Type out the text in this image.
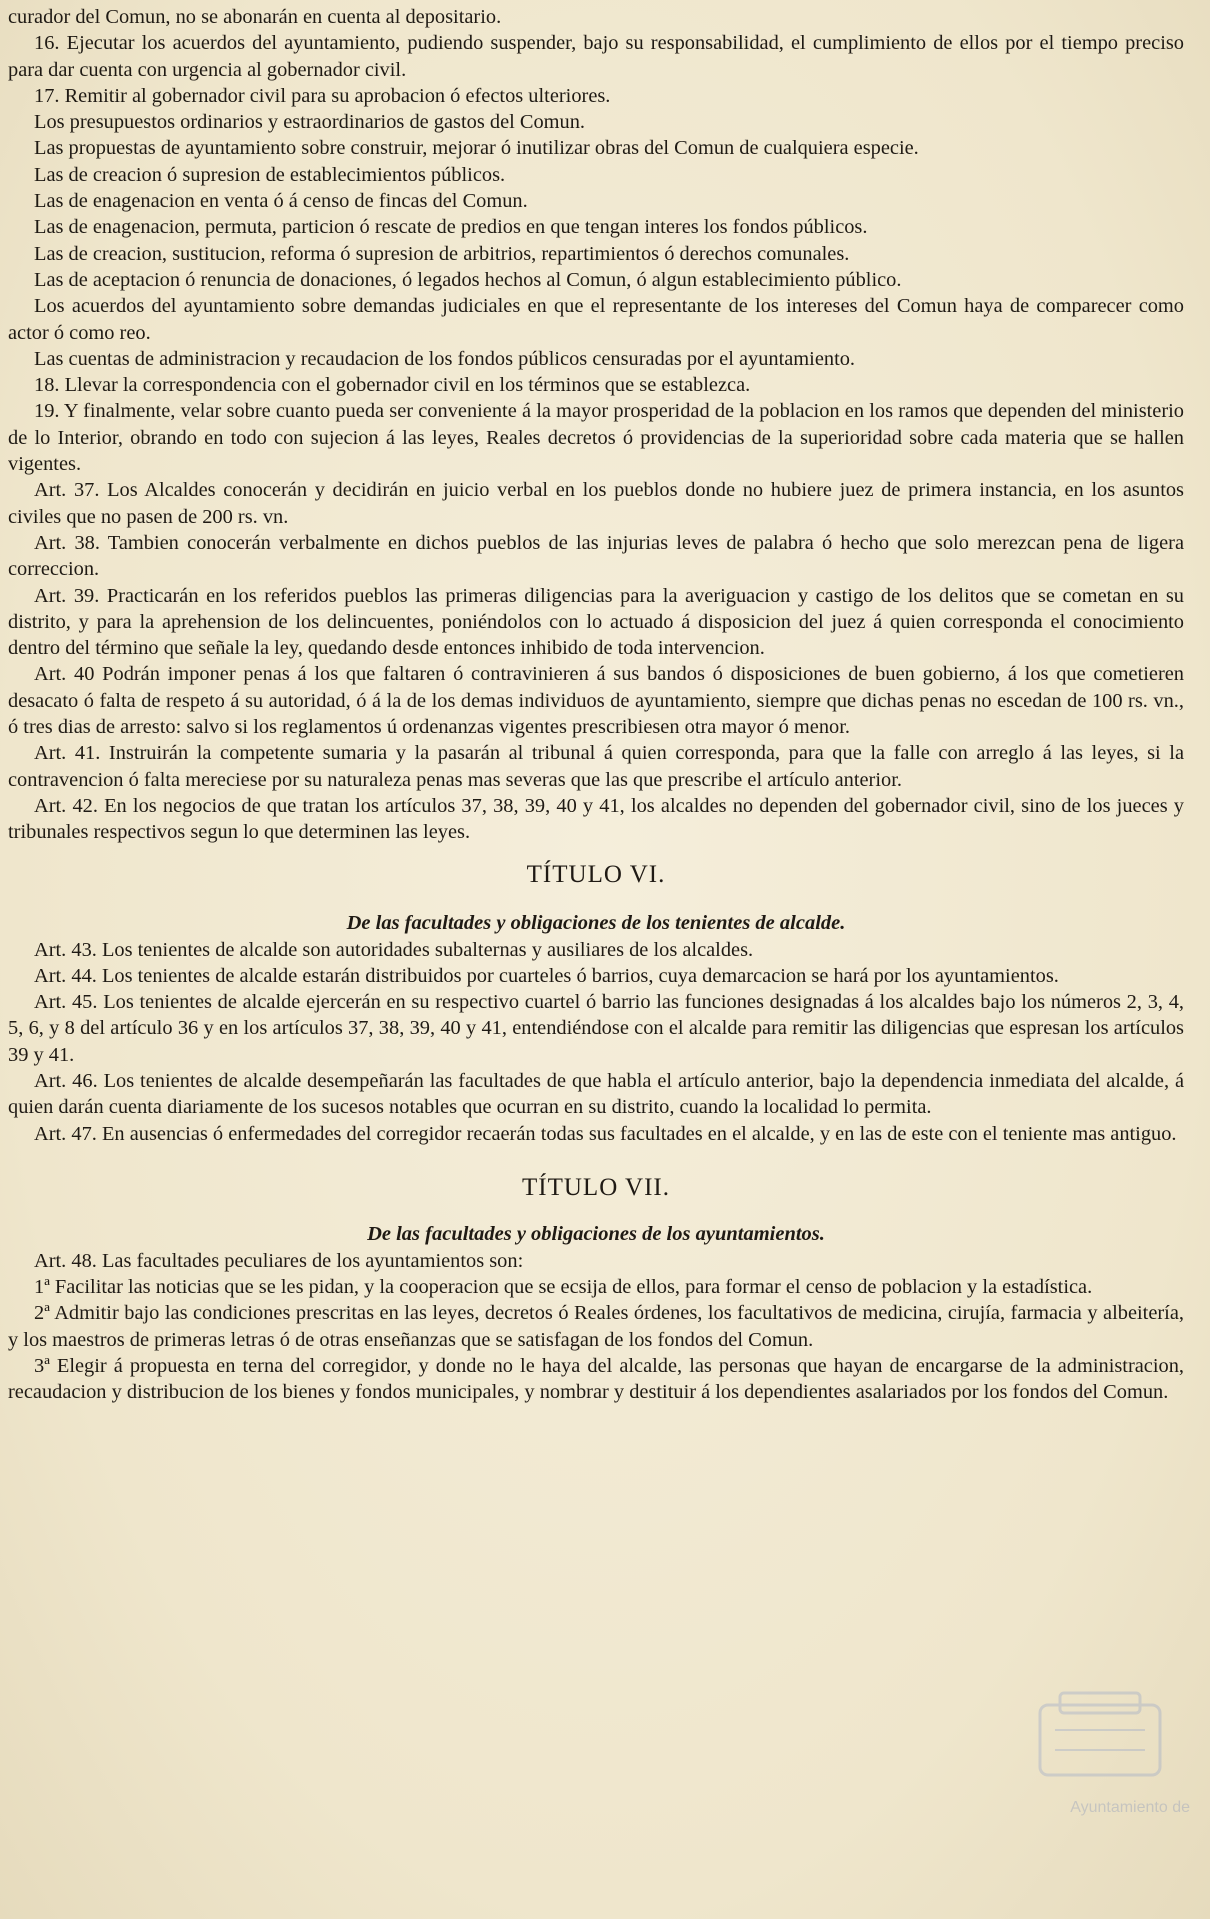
curador del Comun, no se abonarán en cuenta al depositario.

16. Ejecutar los acuerdos del ayuntamiento, pudiendo suspender, bajo su responsabilidad, el cumplimiento de ellos por el tiempo preciso para dar cuenta con urgencia al gobernador civil.

17. Remitir al gobernador civil para su aprobacion ó efectos ulteriores.

Los presupuestos ordinarios y estraordinarios de gastos del Comun.

Las propuestas de ayuntamiento sobre construir, mejorar ó inutilizar obras del Comun de cualquiera especie.

Las de creacion ó supresion de establecimientos públicos.

Las de enagenacion en venta ó á censo de fincas del Comun.

Las de enagenacion, permuta, particion ó rescate de predios en que tengan interes los fondos públicos.

Las de creacion, sustitucion, reforma ó supresion de arbitrios, repartimientos ó derechos comunales.

Las de aceptacion ó renuncia de donaciones, ó legados hechos al Comun, ó algun establecimiento público.

Los acuerdos del ayuntamiento sobre demandas judiciales en que el representante de los intereses del Comun haya de comparecer como actor ó como reo.

Las cuentas de administracion y recaudacion de los fondos públicos censuradas por el ayuntamiento.

18. Llevar la correspondencia con el gobernador civil en los términos que se establezca.

19. Y finalmente, velar sobre cuanto pueda ser conveniente á la mayor prosperidad de la poblacion en los ramos que dependen del ministerio de lo Interior, obrando en todo con sujecion á las leyes, Reales decretos ó providencias de la superioridad sobre cada materia que se hallen vigentes.

Art. 37. Los Alcaldes conocerán y decidirán en juicio verbal en los pueblos donde no hubiere juez de primera instancia, en los asuntos civiles que no pasen de 200 rs. vn.

Art. 38. Tambien conocerán verbalmente en dichos pueblos de las injurias leves de palabra ó hecho que solo merezcan pena de ligera correccion.

Art. 39. Practicarán en los referidos pueblos las primeras diligencias para la averiguacion y castigo de los delitos que se cometan en su distrito, y para la aprehension de los delincuentes, poniéndolos con lo actuado á disposicion del juez á quien corresponda el conocimiento dentro del término que señale la ley, quedando desde entonces inhibido de toda intervencion.

Art. 40 Podrán imponer penas á los que faltaren ó contravinieren á sus bandos ó disposiciones de buen gobierno, á los que cometieren desacato ó falta de respeto á su autoridad, ó á la de los demas individuos de ayuntamiento, siempre que dichas penas no escedan de 100 rs. vn., ó tres dias de arresto: salvo si los reglamentos ú ordenanzas vigentes prescribiesen otra mayor ó menor.

Art. 41. Instruirán la competente sumaria y la pasarán al tribunal á quien corresponda, para que la falle con arreglo á las leyes, si la contravencion ó falta mereciese por su naturaleza penas mas severas que las que prescribe el artículo anterior.

Art. 42. En los negocios de que tratan los artículos 37, 38, 39, 40 y 41, los alcaldes no dependen del gobernador civil, sino de los jueces y tribunales respectivos segun lo que determinen las leyes.

TÍTULO VI.
De las facultades y obligaciones de los tenientes de alcalde.

Art. 43. Los tenientes de alcalde son autoridades subalternas y ausiliares de los alcaldes.

Art. 44. Los tenientes de alcalde estarán distribuidos por cuarteles ó barrios, cuya demarcacion se hará por los ayuntamientos.

Art. 45. Los tenientes de alcalde ejercerán en su respectivo cuartel ó barrio las funciones designadas á los alcaldes bajo los números 2, 3, 4, 5, 6, y 8 del artículo 36 y en los artículos 37, 38, 39, 40 y 41, entendiéndose con el alcalde para remitir las diligencias que espresan los artículos 39 y 41.

Art. 46. Los tenientes de alcalde desempeñarán las facultades de que habla el artículo anterior, bajo la dependencia inmediata del alcalde, á quien darán cuenta diariamente de los sucesos notables que ocurran en su distrito, cuando la localidad lo permita.

Art. 47. En ausencias ó enfermedades del corregidor recaerán todas sus facultades en el alcalde, y en las de este con el teniente mas antiguo.

TÍTULO VII.
De las facultades y obligaciones de los ayuntamientos.

Art. 48. Las facultades peculiares de los ayuntamientos son:

1ª Facilitar las noticias que se les pidan, y la cooperacion que se ecsija de ellos, para formar el censo de poblacion y la estadística.

2ª Admitir bajo las condiciones prescritas en las leyes, decretos ó Reales órdenes, los facultativos de medicina, cirujía, farmacia y albeitería, y los maestros de primeras letras ó de otras enseñanzas que se satisfagan de los fondos del Comun.

3ª Elegir á propuesta en terna del corregidor, y donde no le haya del alcalde, las personas que hayan de encargarse de la administracion, recaudacion y distribucion de los bienes y fondos municipales, y nombrar y destituir á los dependientes asalariados por los fondos del Comun.

Ayuntamiento de
